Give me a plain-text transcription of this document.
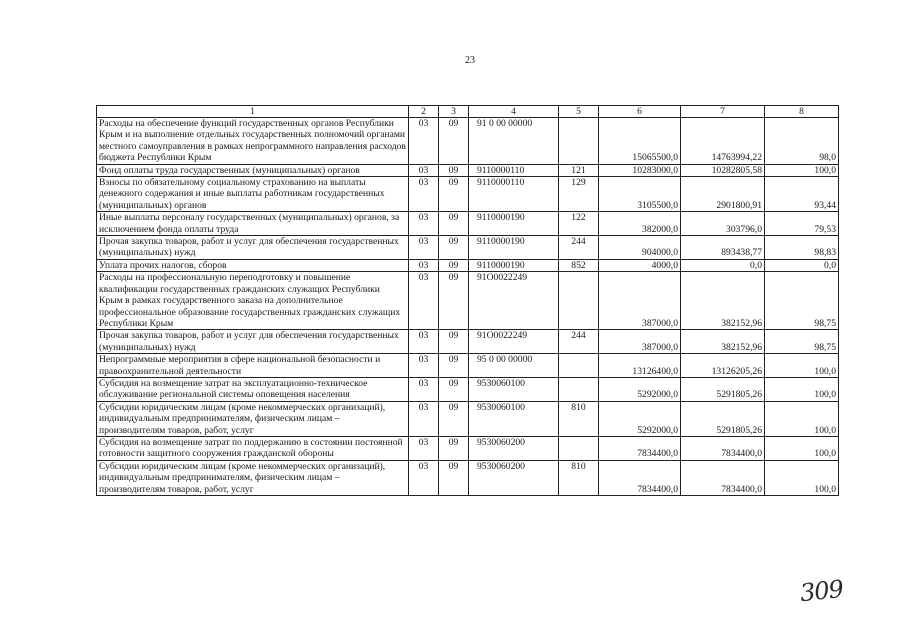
23
1	2	3	4	5	6	7	8
Расходы на обеспечение функций государственных органов Республики Крым и на выполнение отдельных государственных полномочий органами местного самоуправления в рамках непрограммного направления расходов бюджета Республики Крым	03	09	91 0 00 00000		15065500,0	14763994,22	98,0
Фонд оплаты труда государственных (муниципальных) органов	03	09	9110000110	121	10283000,0	10282805,58	100,0
Взносы по обязательному социальному страхованию на выплаты денежного содержания и иные выплаты работникам государственных (муниципальных) органов	03	09	9110000110	129	3105500,0	2901800,91	93,44
Иные выплаты персоналу государственных (муниципальных) органов, за исключением фонда оплаты труда	03	09	9110000190	122	382000,0	303796,0	79,53
Прочая закупка товаров, работ и услуг для обеспечения государственных (муниципальных) нужд	03	09	9110000190	244	904000,0	893438,77	98,83
Уплата прочих налогов, сборов	03	09	9110000190	852	4000,0	0,0	0,0
Расходы на профессиональную переподготовку и повышение квалификации государственных гражданских служащих Республики Крым в рамках государственного заказа на дополнительное профессиональное образование государственных гражданских служащих Республики Крым	03	09	91О0022249		387000,0	382152,96	98,75
Прочая закупка товаров, работ и услуг для обеспечения государственных (муниципальных) нужд	03	09	91О0022249	244	387000,0	382152,96	98,75
Непрограммные мероприятия в сфере национальной безопасности и правоохранительной деятельности	03	09	95 0 00 00000		13126400,0	13126205,26	100,0
Субсидия на возмещение затрат на эксплуатационно-техническое обслуживание региональной системы оповещения населения	03	09	9530060100		5292000,0	5291805,26	100,0
Субсидии юридическим лицам (кроме некоммерческих организаций), индивидуальным предпринимателям, физическим лицам – производителям товаров, работ, услуг	03	09	9530060100	810	5292000,0	5291805,26	100,0
Субсидия на возмещение затрат по поддержанию в состоянии постоянной готовности защитного сооружения гражданской обороны	03	09	9530060200		7834400,0	7834400,0	100,0
Субсидии юридическим лицам (кроме некоммерческих организаций), индивидуальным предпринимателям, физическим лицам – производителям товаров, работ, услуг	03	09	9530060200	810	7834400,0	7834400,0	100,0
309
